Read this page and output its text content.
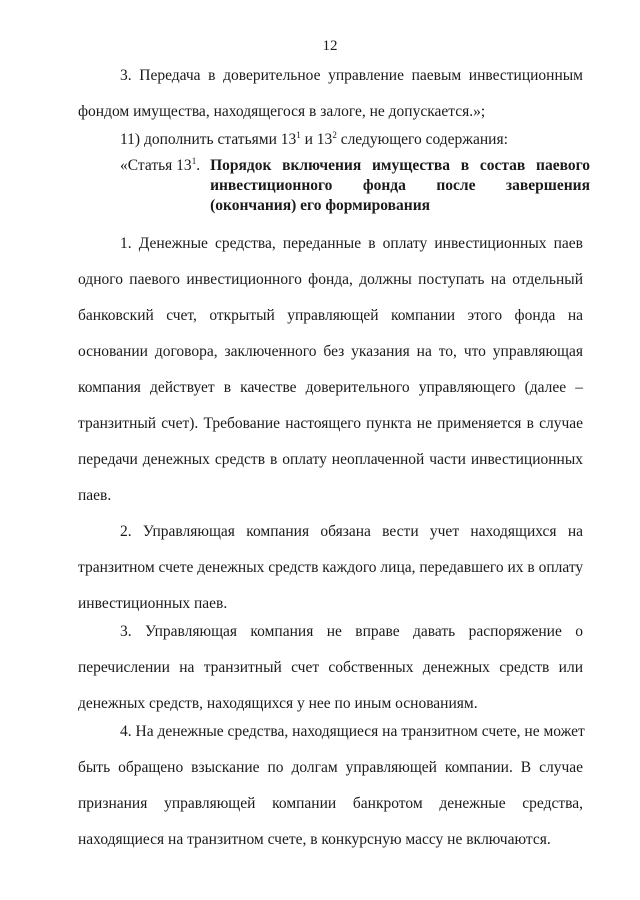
12
3. Передача в доверительное управление паевым инвестиционным
фондом имущества, находящегося в залоге, не допускается.»;
11) дополнить статьями $13^1$ и $13^2$ следующего содержания:
«Статья $13^1$. Порядок включения имущества в состав паевого инвестиционного фонда после завершения (окончания) его формирования
1. Денежные средства, переданные в оплату инвестиционных паев
одного паевого инвестиционного фонда, должны поступать на отдельный
банковский счет, открытый управляющей компании этого фонда на
основании договора, заключенного без указания на то, что управляющая
компания действует в качестве доверительного управляющего (далее –
транзитный счет). Требование настоящего пункта не применяется в случае
передачи денежных средств в оплату неоплаченной части инвестиционных
паев.
2. Управляющая компания обязана вести учет находящихся на
транзитном счете денежных средств каждого лица, передавшего их в оплату
инвестиционных паев.
3. Управляющая компания не вправе давать распоряжение о
перечислении на транзитный счет собственных денежных средств или
денежных средств, находящихся у нее по иным основаниям.
4. На денежные средства, находящиеся на транзитном счете, не может
быть обращено взыскание по долгам управляющей компании. В случае
признания управляющей компании банкротом денежные средства,
находящиеся на транзитном счете, в конкурсную массу не включаются.
